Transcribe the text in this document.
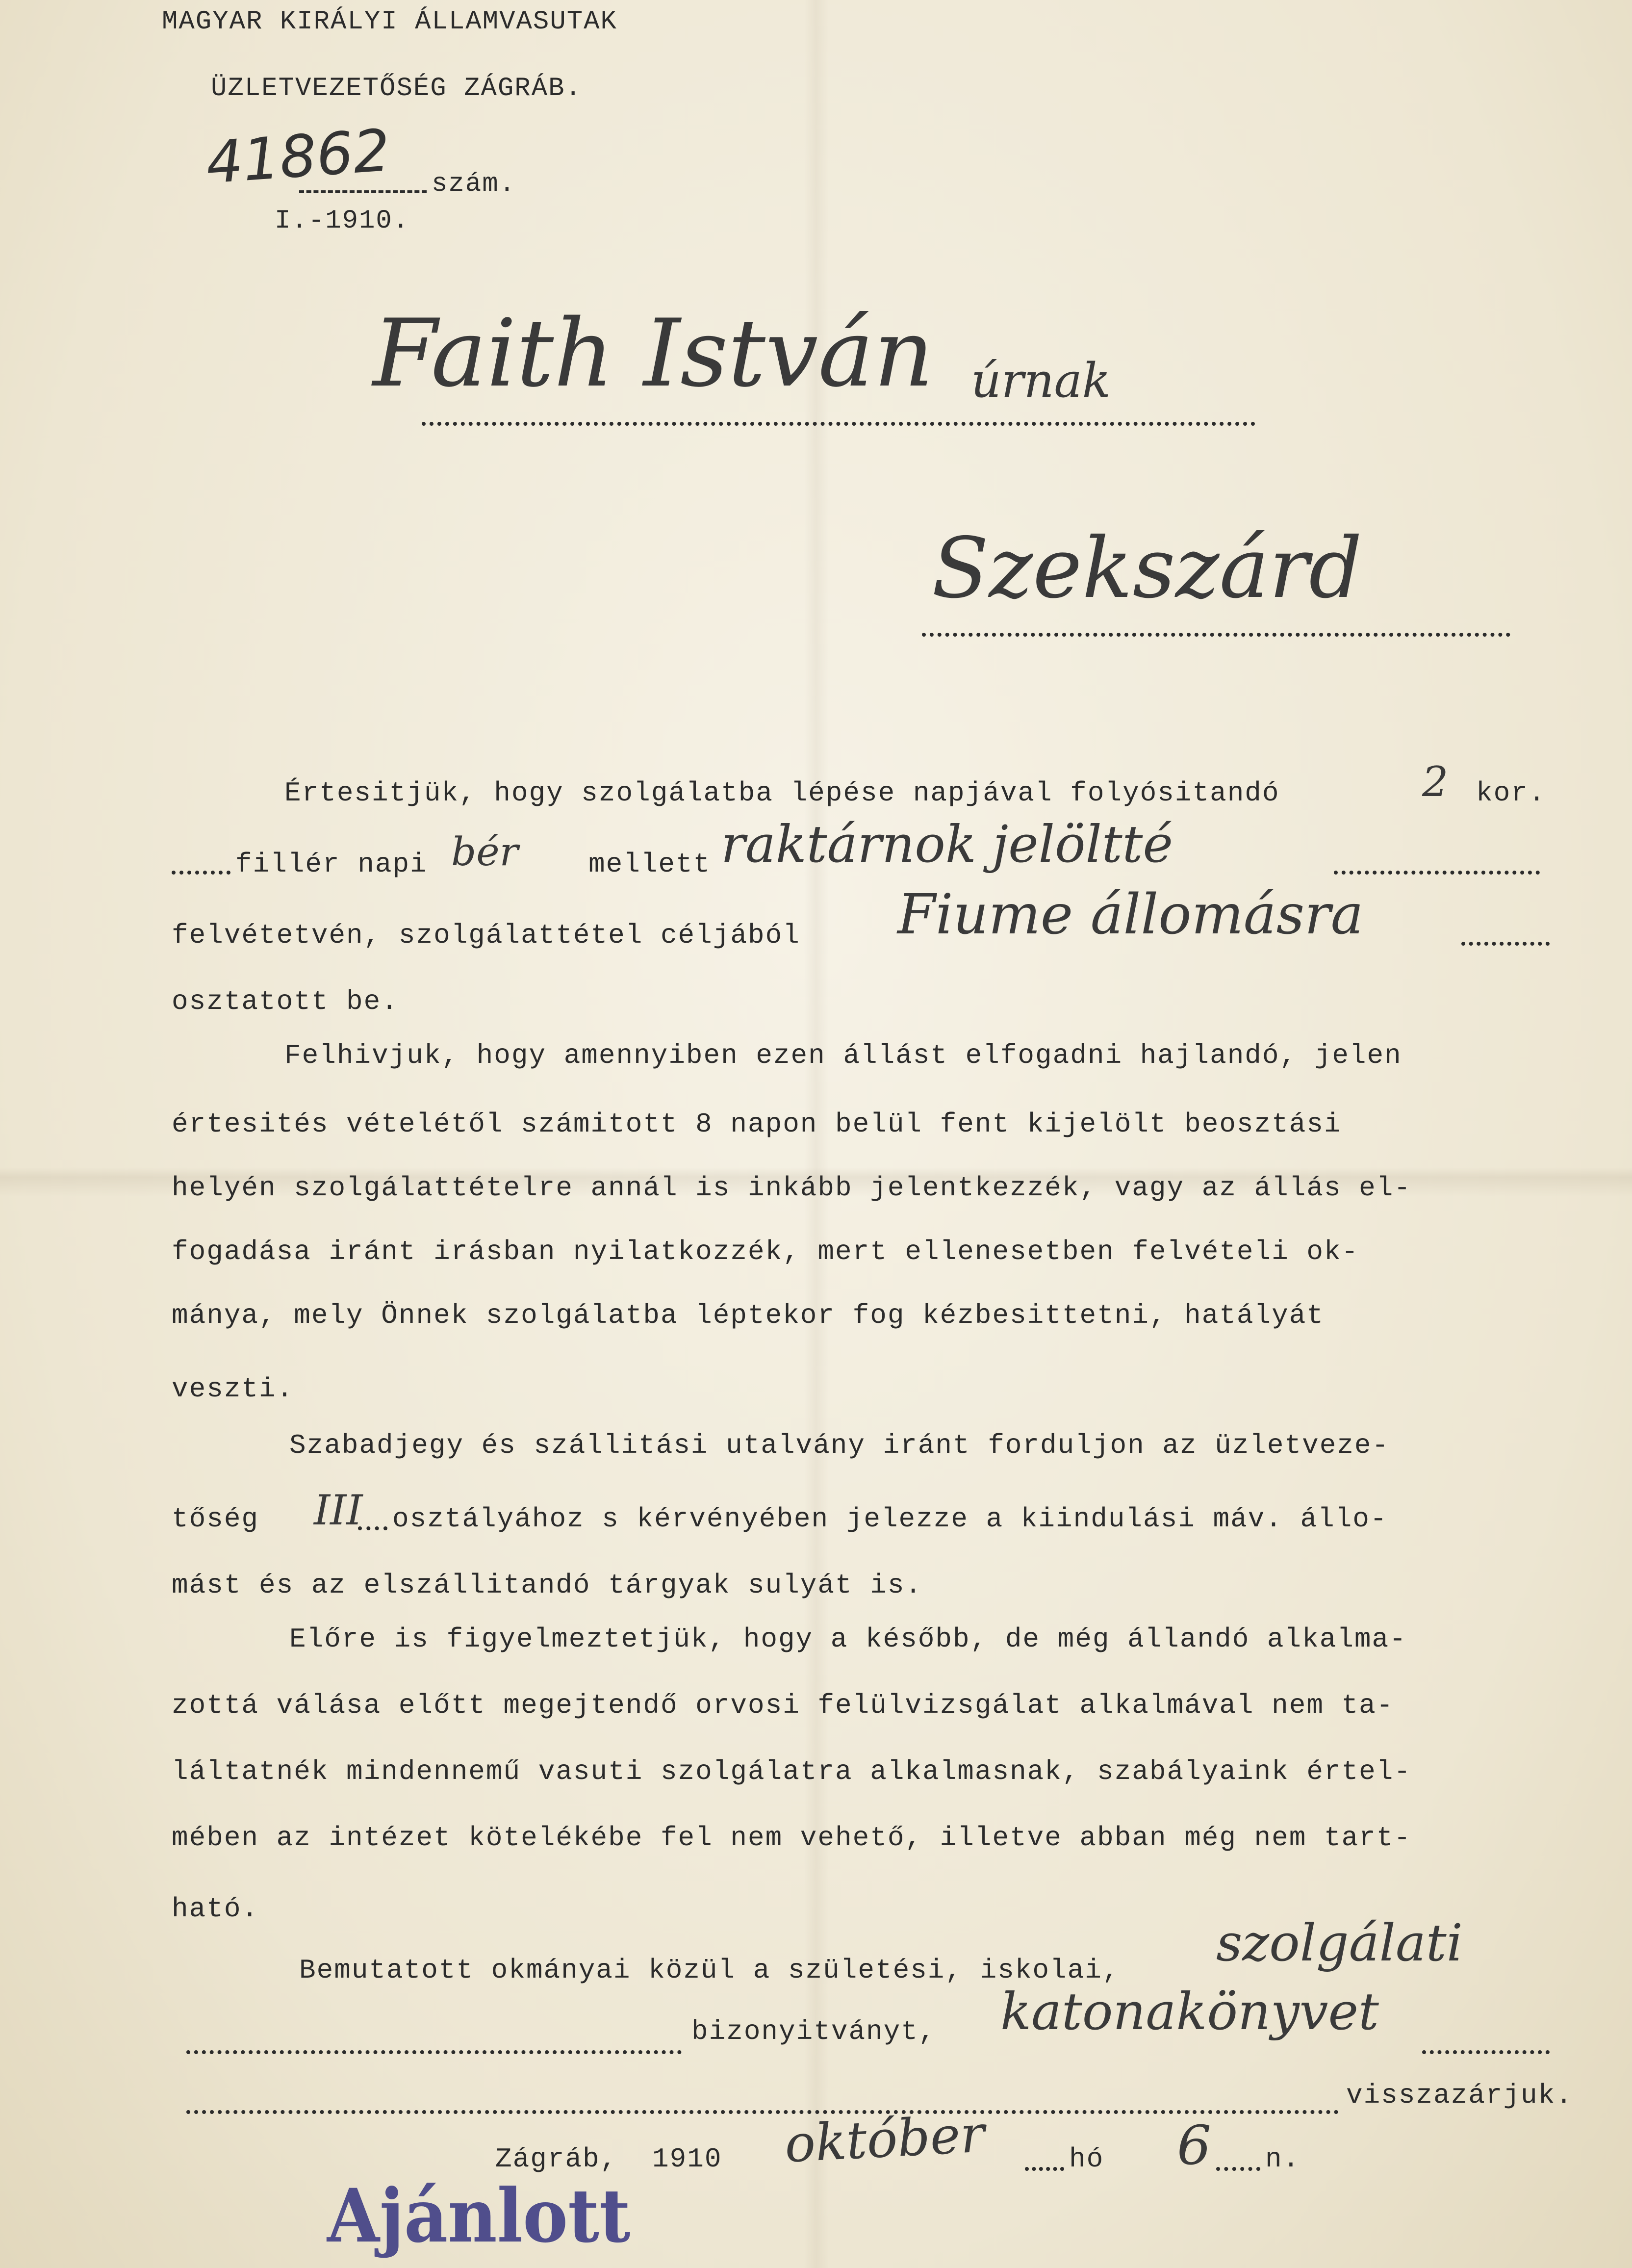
MAGYAR KIRÁLYI ÁLLAMVASUTAK
ÜZLETVEZETŐSÉG ZÁGRÁB.
41862 szám.
I.-1910.
Faith István úrnak
Szekszárd
Értesitjük, hogy szolgálatba lépése napjával folyósitandó	2 kor.
fillér napi bér	mellett raktárnok jelöltté
felvétetvén, szolgálattétel céljából Fiume állomásra
osztatott be.
Felhivjuk, hogy amennyiben ezen állást elfogadni hajlandó, jelen
értesités vételétől számitott 8 napon belül fent kijelölt beosztási
helyén szolgálattételre annál is inkább jelentkezzék, vagy az állás el-
fogadása iránt irásban nyilatkozzék, mert ellenesetben felvételi ok-
mánya, mely Önnek szolgálatba léptekor fog kézbesittetni, hatályát
veszti.
Szabadjegy és szállitási utalvány iránt forduljon az üzletveze-
tőség III osztályához s kérvényében jelezze a kiindulási máv. állo-
mást és az elszállitandó tárgyak sulyát is.
Előre is figyelmeztetjük, hogy a később, de még állandó alkalma-
zottá válása előtt megejtendő orvosi felülvizsgálat alkalmával nem ta-
láltatnék mindennemű vasuti szolgálatra alkalmasnak, szabályaink értel-
mében az intézet kötelékébe fel nem vehető, illetve abban még nem tart-
ható.
Bemutatott okmányai közül a születési, iskolai, szolgálati
bizonyitványt, katonakönyvet
visszazárjuk.
Zágráb, 1910 október	hó 6 n.
Ajánlott
